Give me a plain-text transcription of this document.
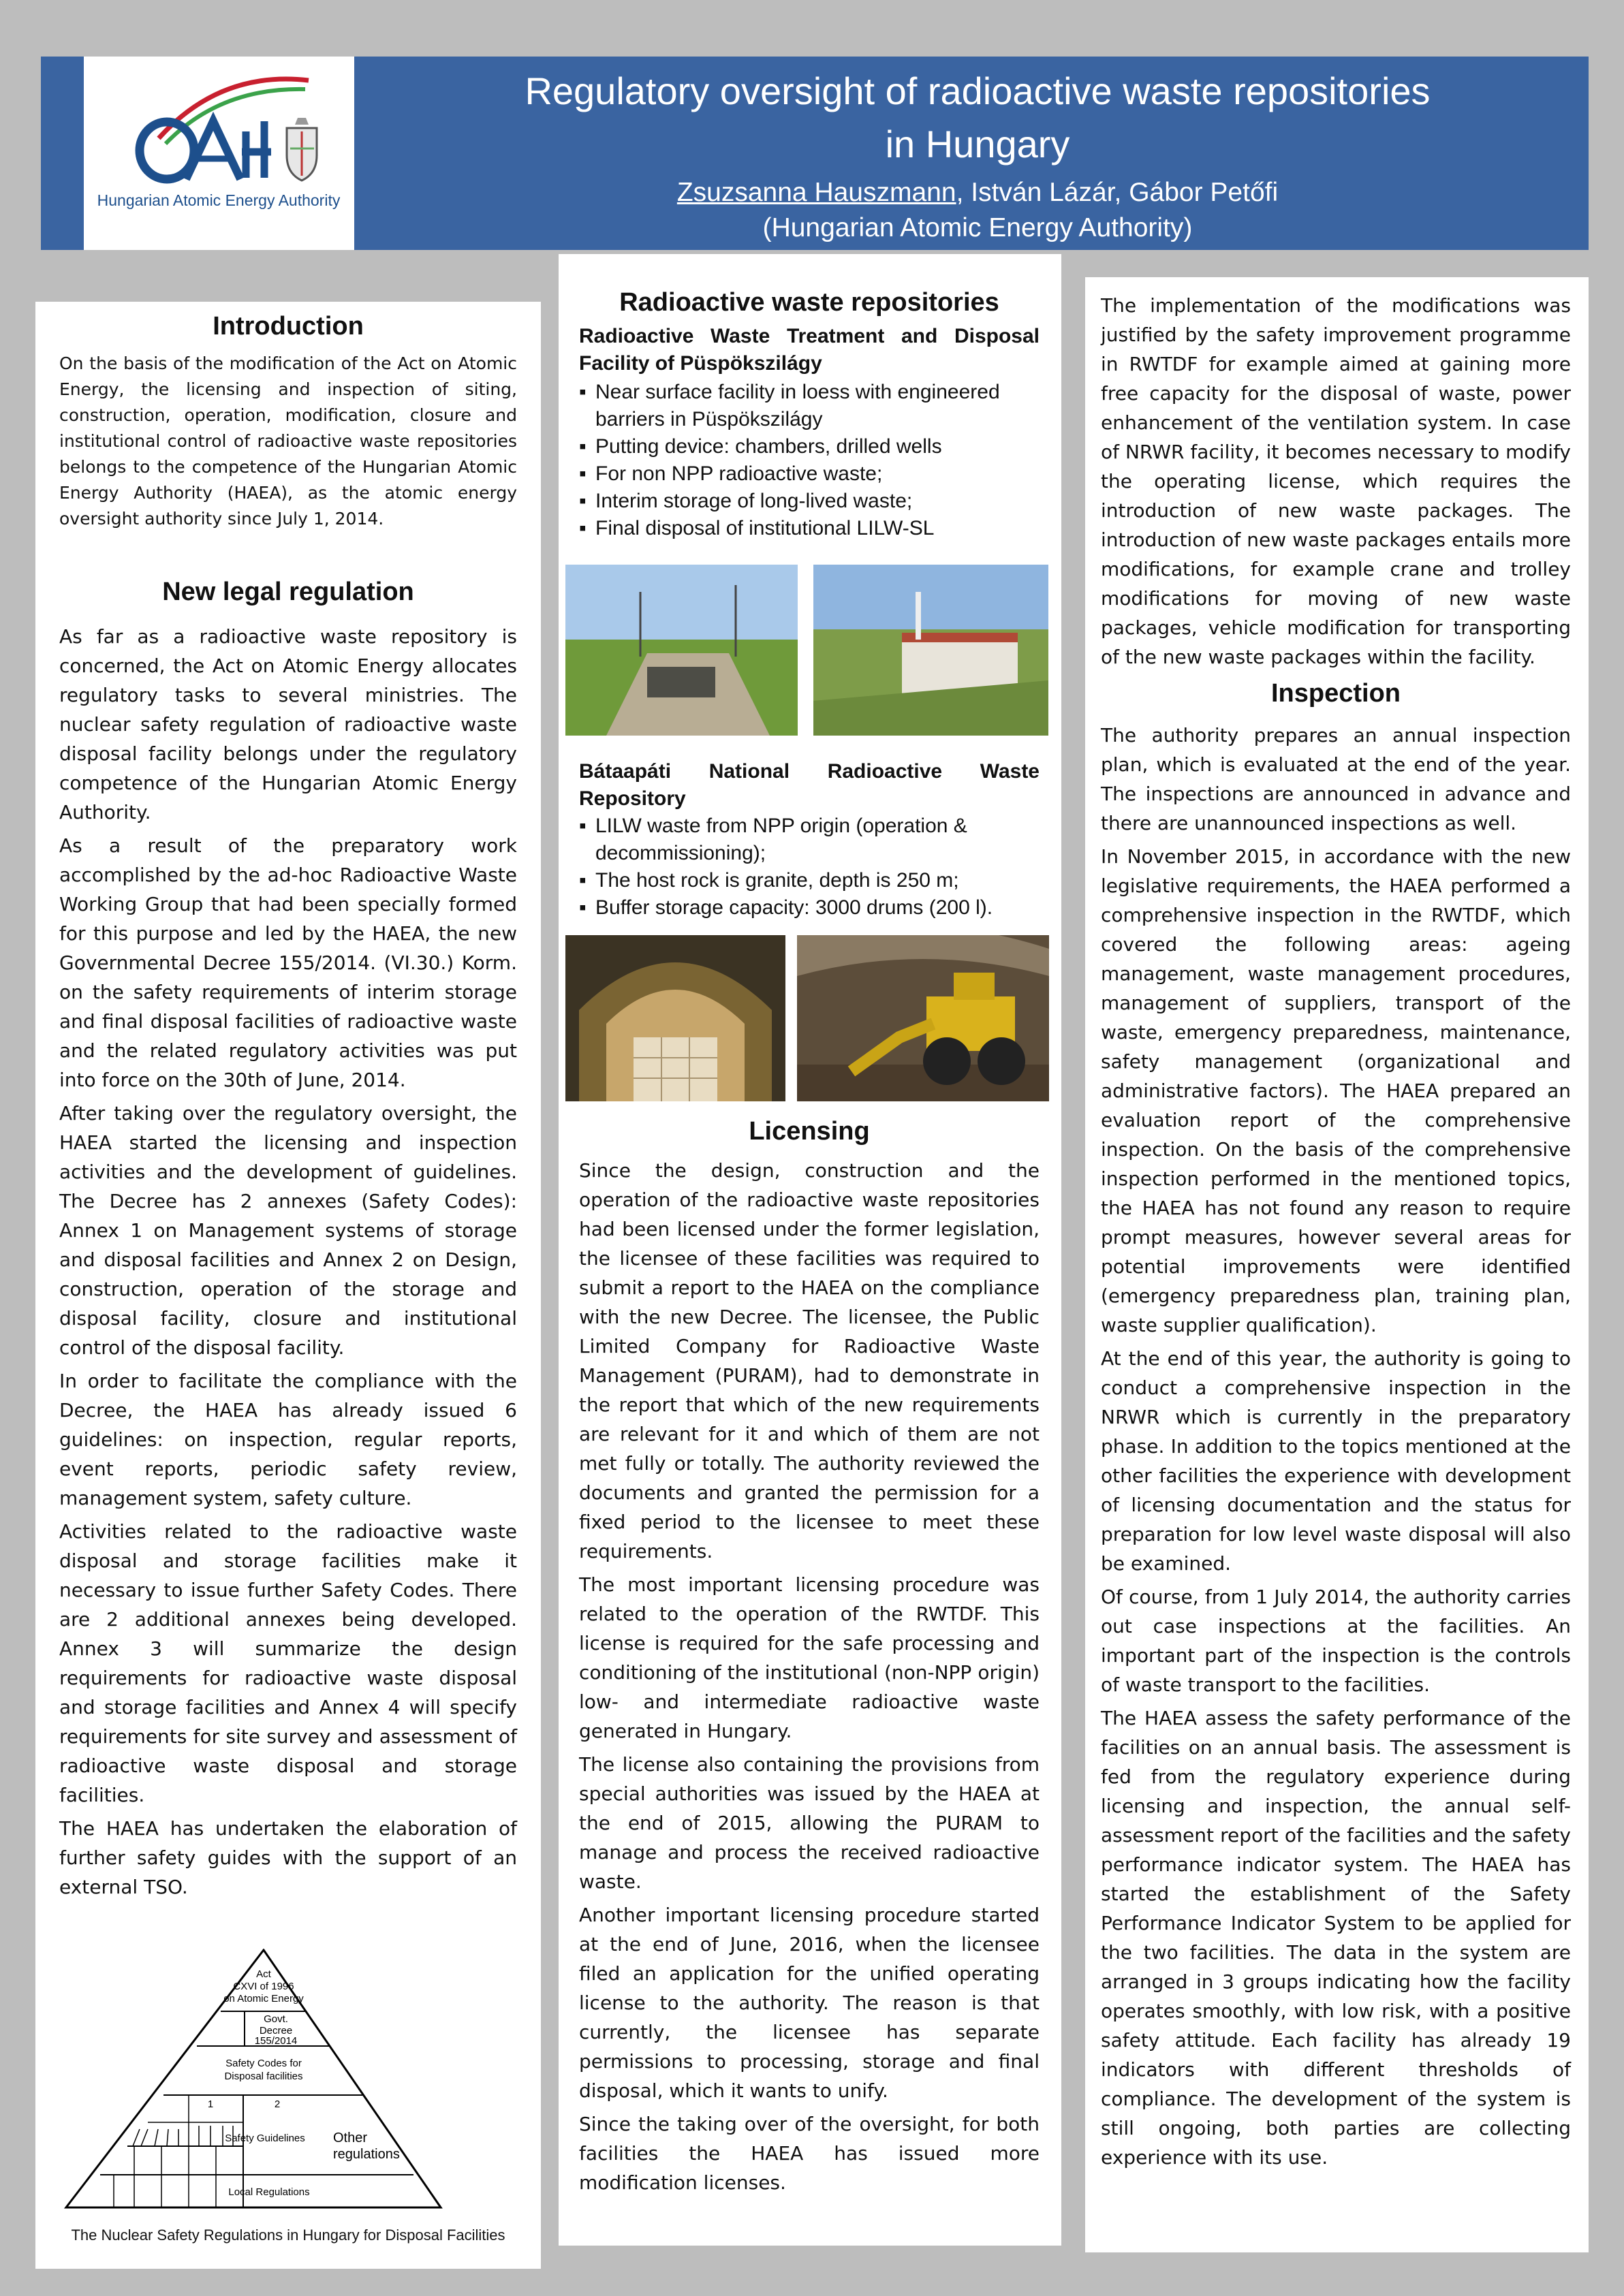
Hungarian Atomic Energy Authority
Regulatory oversight of radioactive waste repositories
in Hungary
Zsuzsanna Hauszmann, István Lázár, Gábor Petőfi
(Hungarian Atomic Energy Authority)
Introduction
On the basis of the modification of the Act on Atomic Energy, the licensing and inspection of siting, construction, operation, modification, closure and institutional control of radioactive waste repositories belongs to the competence of the Hungarian Atomic Energy Authority (HAEA), as the atomic energy oversight authority since July 1, 2014.
New legal regulation
As far as a radioactive waste repository is concerned, the Act on Atomic Energy allocates regulatory tasks to several ministries. The nuclear safety regulation of radioactive waste disposal facility belongs under the regulatory competence of the Hungarian Atomic Energy Authority.
As a result of the preparatory work accomplished by the ad-hoc Radioactive Waste Working Group that had been specially formed for this purpose and led by the HAEA, the new Governmental Decree 155/2014. (VI.30.) Korm. on the safety requirements of interim storage and final disposal facilities of radioactive waste and the related regulatory activities was put into force on the 30th of June, 2014.
After taking over the regulatory oversight, the HAEA started the licensing and inspection activities and the development of guidelines. The Decree has 2 annexes (Safety Codes): Annex 1 on Management systems of storage and disposal facilities and Annex 2 on Design, construction, operation of the storage and disposal facility, closure and institutional control of the disposal facility.
In order to facilitate the compliance with the Decree, the HAEA has already issued 6 guidelines: on inspection, regular reports, event reports, periodic safety review, management system, safety culture.
Activities related to the radioactive waste disposal and storage facilities make it necessary to issue further Safety Codes. There are 2 additional annexes being developed. Annex 3 will summarize the design requirements for radioactive waste disposal and storage facilities and Annex 4 will specify requirements for site survey and assessment of radioactive waste disposal and storage facilities.
The HAEA has undertaken the elaboration of further safety guides with the support of an external TSO.
Act
CXVI of 1996
on Atomic Energy
Govt.
Decree
155/2014
Safety Codes for
Disposal facilities
1	2
Safety Guidelines
Local Regulations
Other
regulations
The Nuclear Safety Regulations in Hungary for Disposal Facilities
Radioactive waste repositories
Radioactive Waste Treatment and Disposal Facility of Püspökszilágy
▪ Near surface facility in loess with engineered barriers in Püspökszilágy
▪ Putting device: chambers, drilled wells
▪ For non NPP radioactive waste;
▪ Interim storage of long-lived waste;
▪ Final disposal of institutional LILW-SL
Bátaapáti National Radioactive Waste Repository
▪ LILW waste from NPP origin (operation & decommissioning);
▪ The host rock is granite, depth is 250 m;
▪ Buffer storage capacity: 3000 drums (200 l).
Licensing
Since the design, construction and the operation of the radioactive waste repositories had been licensed under the former legislation, the licensee of these facilities was required to submit a report to the HAEA on the compliance with the new Decree. The licensee, the Public Limited Company for Radioactive Waste Management (PURAM), had to demonstrate in the report that which of the new requirements are relevant for it and which of them are not met fully or totally. The authority reviewed the documents and granted the permission for a fixed period to the licensee to meet these requirements.
The most important licensing procedure was related to the operation of the RWTDF. This license is required for the safe processing and conditioning of the institutional (non-NPP origin) low- and intermediate radioactive waste generated in Hungary.
The license also containing the provisions from special authorities was issued by the HAEA at the end of 2015, allowing the PURAM to manage and process the received radioactive waste.
Another important licensing procedure started at the end of June, 2016, when the licensee filed an application for the unified operating license to the authority. The reason is that currently, the licensee has separate permissions to processing, storage and final disposal, which it wants to unify.
Since the taking over of the oversight, for both facilities the HAEA has issued more modification licenses.
The implementation of the modifications was justified by the safety improvement programme in RWTDF for example aimed at gaining more free capacity for the disposal of waste, power enhancement of the ventilation system. In case of NRWR facility, it becomes necessary to modify the operating license, which requires the introduction of new waste packages. The introduction of new waste packages entails more modifications, for example crane and trolley modifications for moving of new waste packages, vehicle modification for transporting of the new waste packages within the facility.
Inspection
The authority prepares an annual inspection plan, which is evaluated at the end of the year. The inspections are announced in advance and there are unannounced inspections as well.
In November 2015, in accordance with the new legislative requirements, the HAEA performed a comprehensive inspection in the RWTDF, which covered the following areas: ageing management, waste management procedures, management of suppliers, transport of the waste, emergency preparedness, maintenance, safety management (organizational and administrative factors). The HAEA prepared an evaluation report of the comprehensive inspection. On the basis of the comprehensive inspection performed in the mentioned topics, the HAEA has not found any reason to require prompt measures, however several areas for potential improvements were identified (emergency preparedness plan, training plan, waste supplier qualification).
At the end of this year, the authority is going to conduct a comprehensive inspection in the NRWR which is currently in the preparatory phase. In addition to the topics mentioned at the other facilities the experience with development of licensing documentation and the status for preparation for low level waste disposal will also be examined.
Of course, from 1 July 2014, the authority carries out case inspections at the facilities. An important part of the inspection is the controls of waste transport to the facilities.
The HAEA assess the safety performance of the facilities on an annual basis. The assessment is fed from the regulatory experience during licensing and inspection, the annual self-assessment report of the facilities and the safety performance indicator system. The HAEA has started the establishment of the Safety Performance Indicator System to be applied for the two facilities. The data in the system are arranged in 3 groups indicating how the facility operates smoothly, with low risk, with a positive safety attitude. Each facility has already 19 indicators with different thresholds of compliance. The development of the system is still ongoing, both parties are collecting experience with its use.
